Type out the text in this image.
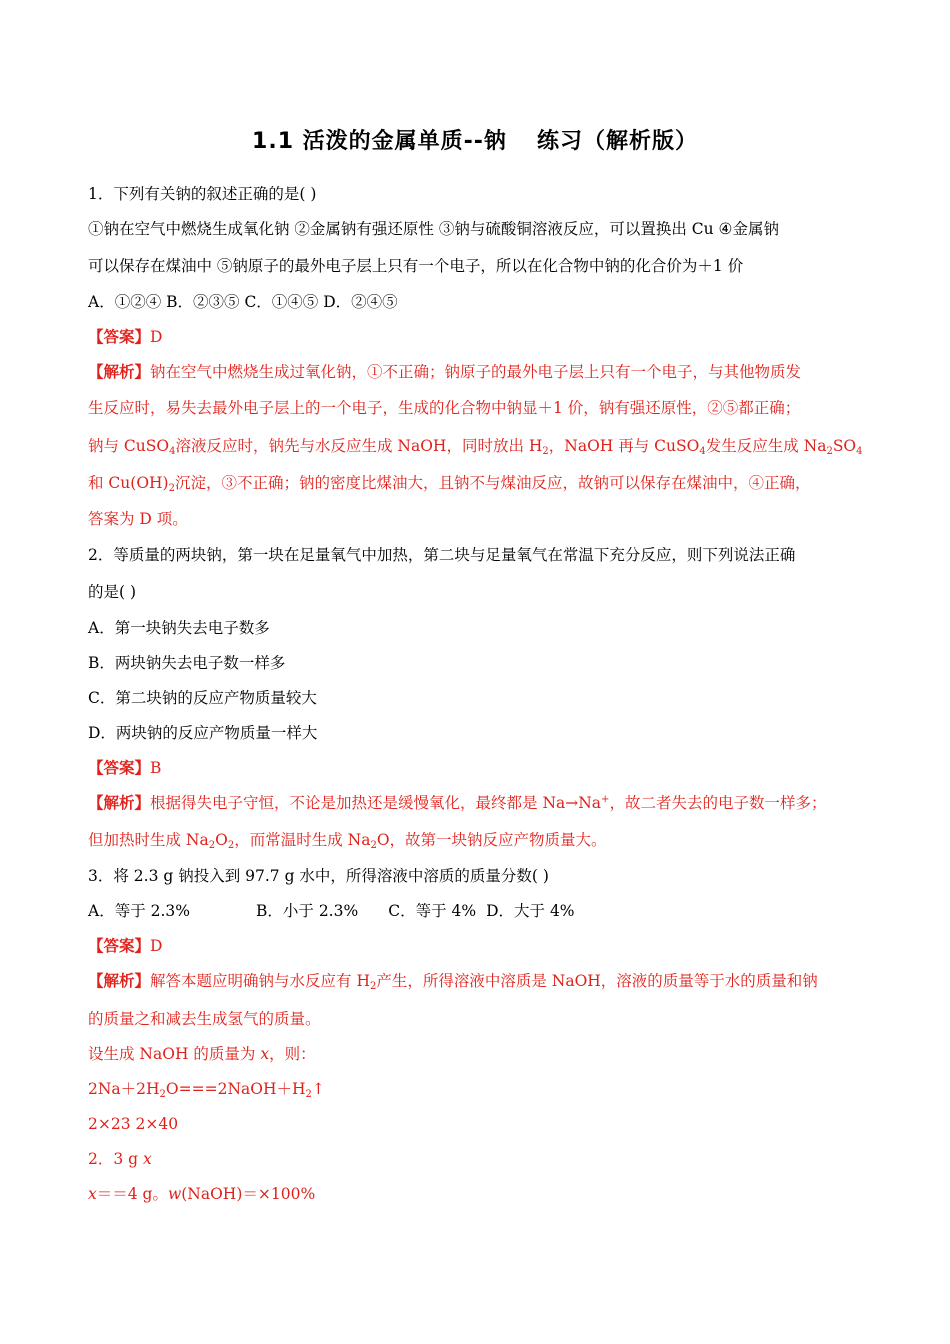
1.1 活泼的金属单质--钠 练习（解析版）
1．下列有关钠的叙述正确的是( )
①钠在空气中燃烧生成氧化钠 ②金属钠有强还原性 ③钠与硫酸铜溶液反应，可以置换出 Cu ④金属钠
可以保存在煤油中 ⑤钠原子的最外电子层上只有一个电子，所以在化合物中钠的化合价为＋1 价
A．①②④ B．②③⑤ C．①④⑤ D．②④⑤
【答案】D
【解析】钠在空气中燃烧生成过氧化钠，①不正确；钠原子的最外电子层上只有一个电子，与其他物质发
生反应时，易失去最外电子层上的一个电子，生成的化合物中钠显＋1 价，钠有强还原性，②⑤都正确；
钠与 CuSO$_4$溶液反应时，钠先与水反应生成 NaOH，同时放出 $H_2$，NaOH 再与 CuSO$_4$发生反应生成 $Na_2SO_4$
和 $Cu(OH)_2$沉淀，③不正确；钠的密度比煤油大，且钠不与煤油反应，故钠可以保存在煤油中，④正确，
答案为 D 项。
2．等质量的两块钠，第一块在足量氧气中加热，第二块与足量氧气在常温下充分反应，则下列说法正确
的是( )
A．第一块钠失去电子数多
B．两块钠失去电子数一样多
C．第二块钠的反应产物质量较大
D．两块钠的反应产物质量一样大
【答案】B
【解析】根据得失电子守恒，不论是加热还是缓慢氧化，最终都是 Na→Na+，故二者失去的电子数一样多；
但加热时生成 $Na_2O_2$，而常温时生成 $Na_2O$，故第一块钠反应产物质量大。
3．将 2.3 g 钠投入到 97.7 g 水中，所得溶液中溶质的质量分数( )
A．等于 2.3%	B．小于 2.3% C．等于 4% D．大于 4%
【答案】D
【解析】解答本题应明确钠与水反应有 $H_2$产生，所得溶液中溶质是 NaOH，溶液的质量等于水的质量和钠
的质量之和减去生成氢气的质量。
设生成 NaOH 的质量为 x，则：
$2Na+2H_2O===2NaOH+H_2↑$
2×23 2×40
2．3 g x
x＝＝4 g。w(NaOH)＝×100%
